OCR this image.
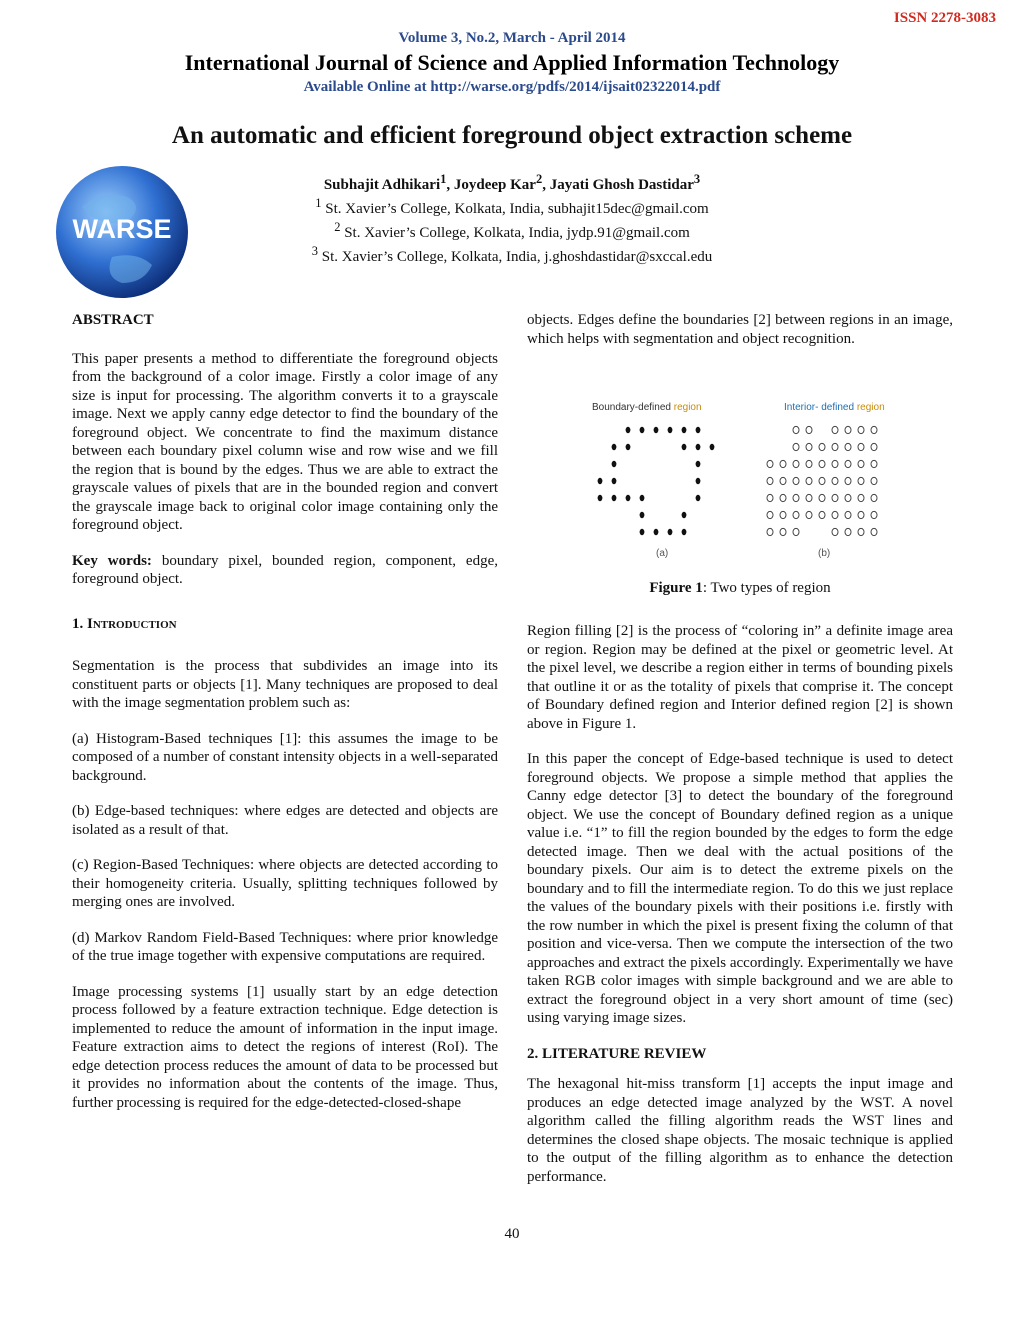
ISSN 2278-3083
Volume 3, No.2, March - April 2014
International Journal of Science and Applied Information Technology
Available Online at http://warse.org/pdfs/2014/ijsait02322014.pdf
WARSE
An automatic and efficient foreground object extraction scheme
Subhajit Adhikari$^1$, Joydeep Kar$^2$, Jayati Ghosh Dastidar$^3$
$^1$ St. Xavier’s College, Kolkata, India, subhajit15dec@gmail.com
$^2$ St. Xavier’s College, Kolkata, India, jydp.91@gmail.com
$^3$ St. Xavier’s College, Kolkata, India, j.ghoshdastidar@sxccal.edu

ABSTRACT

This paper presents a method to differentiate the foreground objects from the background of a color image. Firstly a color image of any size is input for processing. The algorithm converts it to a grayscale image. Next we apply canny edge detector to find the boundary of the foreground object. We concentrate to find the maximum distance between each boundary pixel column wise and row wise and we fill the region that is bound by the edges. Thus we are able to extract the grayscale values of pixels that are in the bounded region and convert the grayscale image back to original color image containing only the foreground object.

Key words: boundary pixel, bounded region, component, edge, foreground object.

1. Introduction

Segmentation is the process that subdivides an image into its constituent parts or objects [1]. Many techniques are proposed to deal with the image segmentation problem such as:

(a) Histogram-Based techniques [1]: this assumes the image to be composed of a number of constant intensity objects in a well-separated background.

(b) Edge-based techniques: where edges are detected and objects are isolated as a result of that.

(c) Region-Based Techniques: where objects are detected according to their homogeneity criteria. Usually, splitting techniques followed by merging ones are involved.

(d) Markov Random Field-Based Techniques: where prior knowledge of the true image together with expensive computations are required.

Image processing systems [1] usually start by an edge detection process followed by a feature extraction technique. Edge detection is implemented to reduce the amount of information in the input image. Feature extraction aims to detect the regions of interest (RoI). The edge detection process reduces the amount of data to be processed but it provides no information about the contents of the image. Thus, further processing is required for the edge-detected-closed-shape

Boundary-defined region	Interior- defined region
(a)	(b)
Figure 1: Two types of region

objects. Edges define the boundaries [2] between regions in an image, which helps with segmentation and object recognition.

Region filling [2] is the process of “coloring in” a definite image area or region. Region may be defined at the pixel or geometric level. At the pixel level, we describe a region either in terms of bounding pixels that outline it or as the totality of pixels that comprise it. The concept of Boundary defined region and Interior defined region [2] is shown above in Figure 1.

In this paper the concept of Edge-based technique is used to detect foreground objects. We propose a simple method that applies the Canny edge detector [3] to detect the boundary of the foreground object. We use the concept of Boundary defined region as a unique value i.e. “1” to fill the region bounded by the edges to form the edge detected image. Then we deal with the actual positions of the boundary pixels. Our aim is to detect the extreme pixels on the boundary and to fill the intermediate region. To do this we just replace the values of the boundary pixels with their positions i.e. firstly with the row number in which the pixel is present fixing the column of that position and vice-versa. Then we compute the intersection of the two approaches and extract the pixels accordingly. Experimentally we have taken RGB color images with simple background and we are able to extract the foreground object in a very short amount of time (sec) using varying image sizes.

2. LITERATURE REVIEW

The hexagonal hit-miss transform [1] accepts the input image and produces an edge detected image analyzed by the WST. A novel algorithm called the filling algorithm reads the WST lines and determines the closed shape objects. The mosaic technique is applied to the output of the filling algorithm as to enhance the detection performance.

40
